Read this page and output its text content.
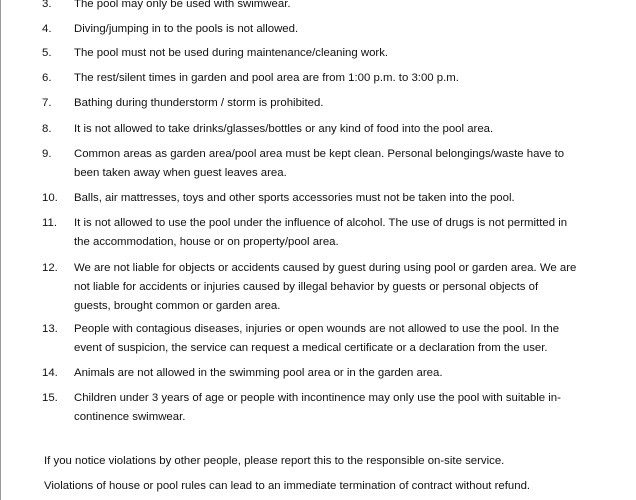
3.	The pool may only be used with swimwear.
4.	Diving/jumping in to the pools is not allowed.
5.	The pool must not be used during maintenance/cleaning work.
6.	The rest/silent times in garden and pool area are from 1:00 p.m. to 3:00 p.m.
7.	Bathing during thunderstorm / storm is prohibited.
8.	It is not allowed to take drinks/glasses/bottles or any kind of food into the pool area.
9.	Common areas as garden area/pool area must be kept clean. Personal belongings/waste have to
been taken away when guest leaves area.
10.	Balls, air mattresses, toys and other sports accessories must not be taken into the pool.
11.	It is not allowed to use the pool under the influence of alcohol. The use of drugs is not permitted in
the accommodation, house or on property/pool area.
12.	We are not liable for objects or accidents caused by guest during using pool or garden area. We are
not liable for accidents or injuries caused by illegal behavior by guests or personal objects of
guests, brought common or garden area.
13.	People with contagious diseases, injuries or open wounds are not allowed to use the pool. In the
event of suspicion, the service can request a medical certificate or a declaration from the user.
14.	Animals are not allowed in the swimming pool area or in the garden area.
15.	Children under 3 years of age or people with incontinence may only use the pool with suitable in-
continence swimwear.
If you notice violations by other people, please report this to the responsible on-site service.
Violations of house or pool rules can lead to an immediate termination of contract without refund.
